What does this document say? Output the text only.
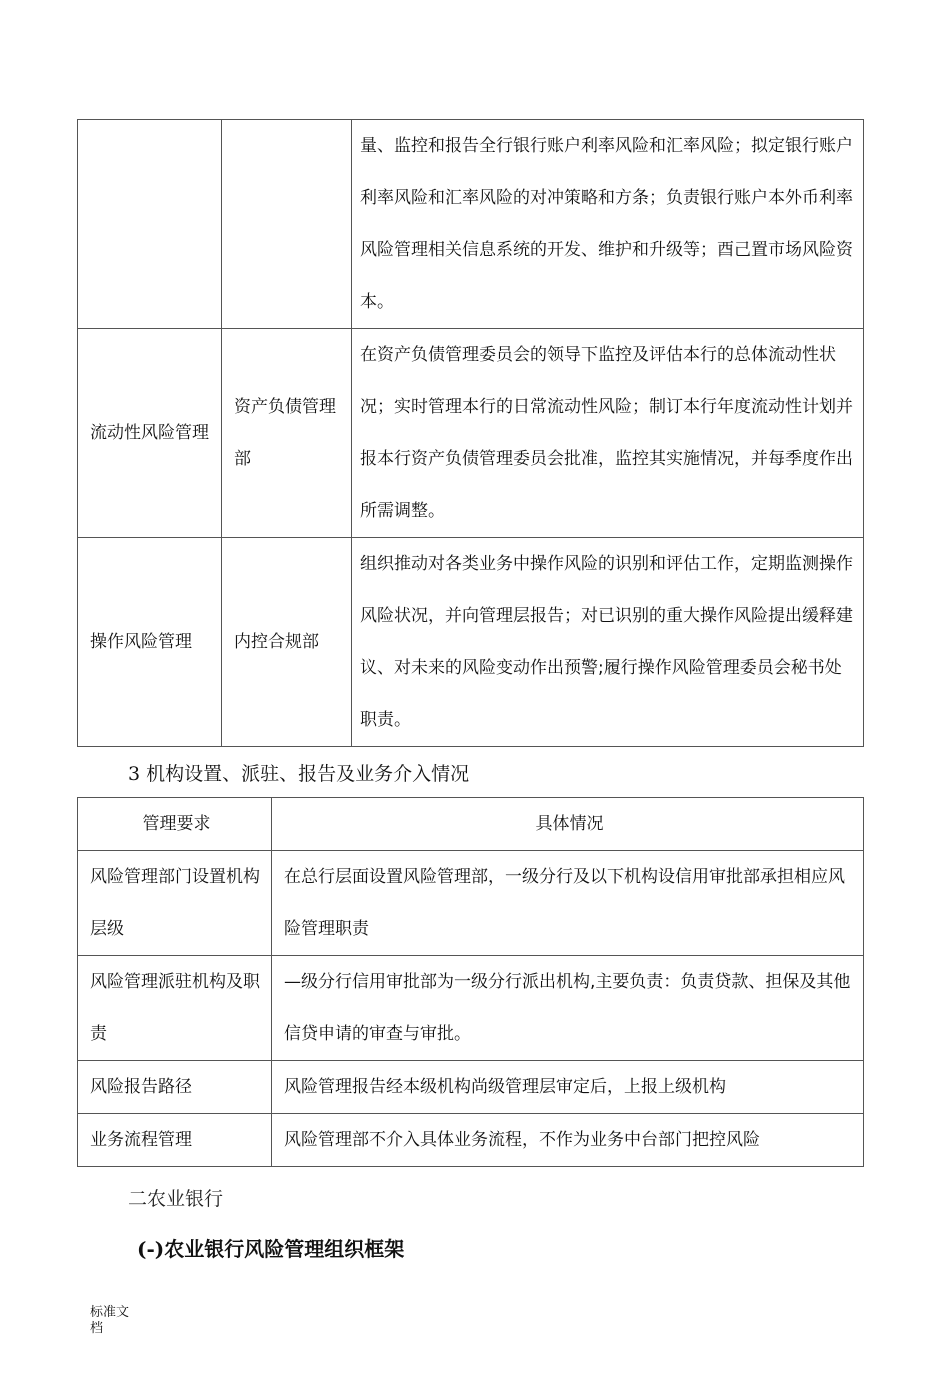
		量、监控和报告全行银行账户利率风险和汇率风险；拟定银行账户利率风险和汇率风险的对冲策略和方条；负责银行账户本外币利率风险管理相关信息系统的开发、维护和升级等；酉己置市场风险资本。
流动性风险管理	资产负债管理部	在资产负债管理委员会的领导下监控及评估本行的总体流动性状况；实时管理本行的日常流动性风险；制订本行年度流动性计划并报本行资产负债管理委员会批准，监控其实施情况，并每季度作出所需调整。
操作风险管理	内控合规部	组织推动对各类业务中操作风险的识别和评估工作，定期监测操作风险状况，并向管理层报告；对已识别的重大操作风险提出缓释建议、对未来的风险变动作出预警;履行操作风险管理委员会秘书处职责。
3 机构设置、派驻、报告及业务介入情况
管理要求	具体情况
风险管理部门设置机构层级	在总行层面设置风险管理部，一级分行及以下机构设信用审批部承担相应风险管理职责
风险管理派驻机构及职责	—级分行信用审批部为一级分行派出机构,主要负责：负责贷款、担保及其他信贷申请的审查与审批。
风险报告路径	风险管理报告经本级机构尚级管理层审定后，上报上级机构
业务流程管理	风险管理部不介入具体业务流程，不作为业务中台部门把控风险
二农业银行
(-)农业银行风险管理组织框架
标准文档
